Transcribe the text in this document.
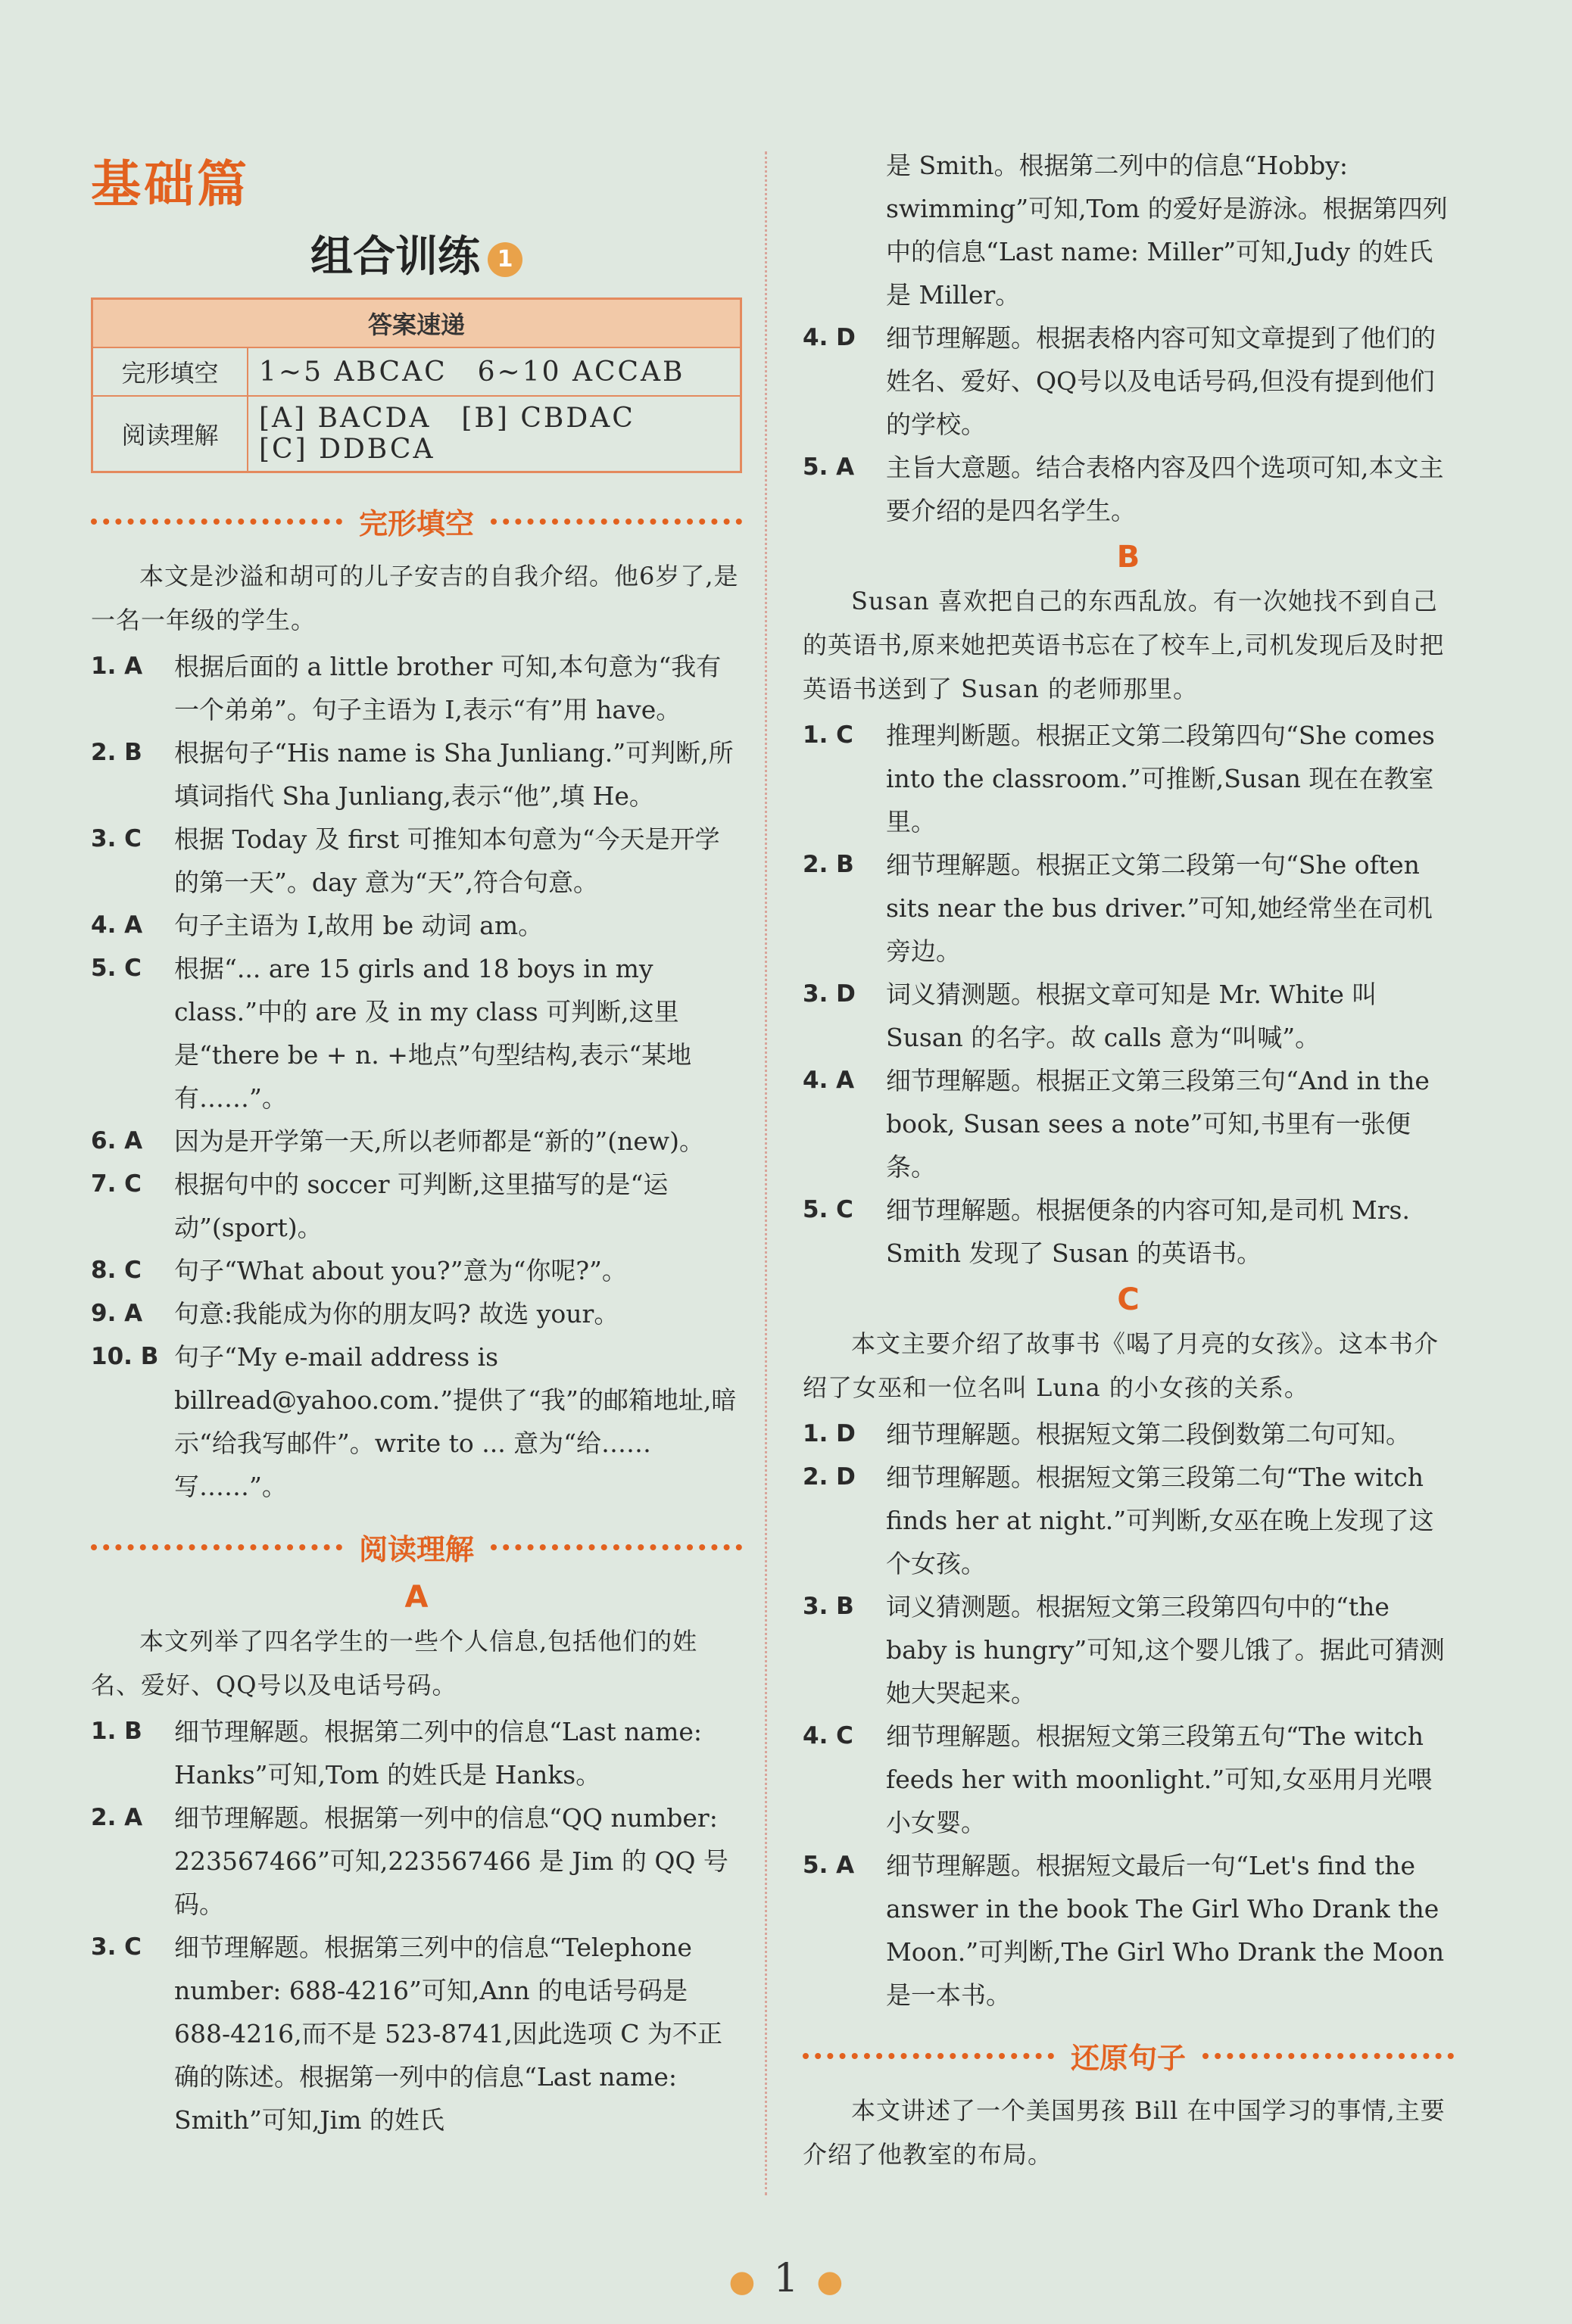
基础篇
组合训练 1
答案速递	
完形填空	1~5 ABCAC 6~10 ACCAB
阅读理解	[A] BACDA [B] CBDAC
[C] DDBCA
完形填空

本文是沙溢和胡可的儿子安吉的自我介绍。他6岁了,是一名一年级的学生。

1. A	根据后面的 a little brother 可知,本句意为“我有一个弟弟”。句子主语为 I,表示“有”用 have。
2. B	根据句子“His name is Sha Junliang.”可判断,所填词指代 Sha Junliang,表示“他”,填 He。
3. C	根据 Today 及 first 可推知本句意为“今天是开学的第一天”。day 意为“天”,符合句意。
4. A	句子主语为 I,故用 be 动词 am。
5. C	根据“... are 15 girls and 18 boys in my class.”中的 are 及 in my class 可判断,这里是“there be + n. +地点”句型结构,表示“某地有……”。
6. A	因为是开学第一天,所以老师都是“新的”(new)。
7. C	根据句中的 soccer 可判断,这里描写的是“运动”(sport)。
8. C	句子“What about you?”意为“你呢?”。
9. A	句意:我能成为你的朋友吗? 故选 your。
10. B 句子“My e-mail address is billread@yahoo.com.”提供了“我”的邮箱地址,暗示“给我写邮件”。write to ... 意为“给……写……”。
阅读理解
A

本文列举了四名学生的一些个人信息,包括他们的姓名、爱好、QQ号以及电话号码。

1. B	细节理解题。根据第二列中的信息“Last name: Hanks”可知,Tom 的姓氏是 Hanks。
2. A	细节理解题。根据第一列中的信息“QQ number: 223567466”可知,223567466 是 Jim 的 QQ 号码。
3. C	细节理解题。根据第三列中的信息“Telephone number: 688-4216”可知,Ann 的电话号码是 688-4216,而不是 523-8741,因此选项 C 为不正确的陈述。根据第一列中的信息“Last name: Smith”可知,Jim 的姓氏
是 Smith。根据第二列中的信息“Hobby: swimming”可知,Tom 的爱好是游泳。根据第四列中的信息“Last name: Miller”可知,Judy 的姓氏是 Miller。
4. D	细节理解题。根据表格内容可知文章提到了他们的姓名、爱好、QQ号以及电话号码,但没有提到他们的学校。
5. A	主旨大意题。结合表格内容及四个选项可知,本文主要介绍的是四名学生。
B

Susan 喜欢把自己的东西乱放。有一次她找不到自己的英语书,原来她把英语书忘在了校车上,司机发现后及时把英语书送到了 Susan 的老师那里。

1. C	推理判断题。根据正文第二段第四句“She comes into the classroom.”可推断,Susan 现在在教室里。
2. B	细节理解题。根据正文第二段第一句“She often sits near the bus driver.”可知,她经常坐在司机旁边。
3. D	词义猜测题。根据文章可知是 Mr. White 叫 Susan 的名字。故 calls 意为“叫喊”。
4. A	细节理解题。根据正文第三段第三句“And in the book, Susan sees a note”可知,书里有一张便条。
5. C	细节理解题。根据便条的内容可知,是司机 Mrs. Smith 发现了 Susan 的英语书。
C

本文主要介绍了故事书《喝了月亮的女孩》。这本书介绍了女巫和一位名叫 Luna 的小女孩的关系。

1. D	细节理解题。根据短文第二段倒数第二句可知。
2. D	细节理解题。根据短文第三段第二句“The witch finds her at night.”可判断,女巫在晚上发现了这个女孩。
3. B	词义猜测题。根据短文第三段第四句中的“the baby is hungry”可知,这个婴儿饿了。据此可猜测她大哭起来。
4. C	细节理解题。根据短文第三段第五句“The witch feeds her with moonlight.”可知,女巫用月光喂小女婴。
5. A	细节理解题。根据短文最后一句“Let's find the answer in the book The Girl Who Drank the Moon.”可判断,The Girl Who Drank the Moon 是一本书。
还原句子

本文讲述了一个美国男孩 Bill 在中国学习的事情,主要介绍了他教室的布局。

● 1 ●
